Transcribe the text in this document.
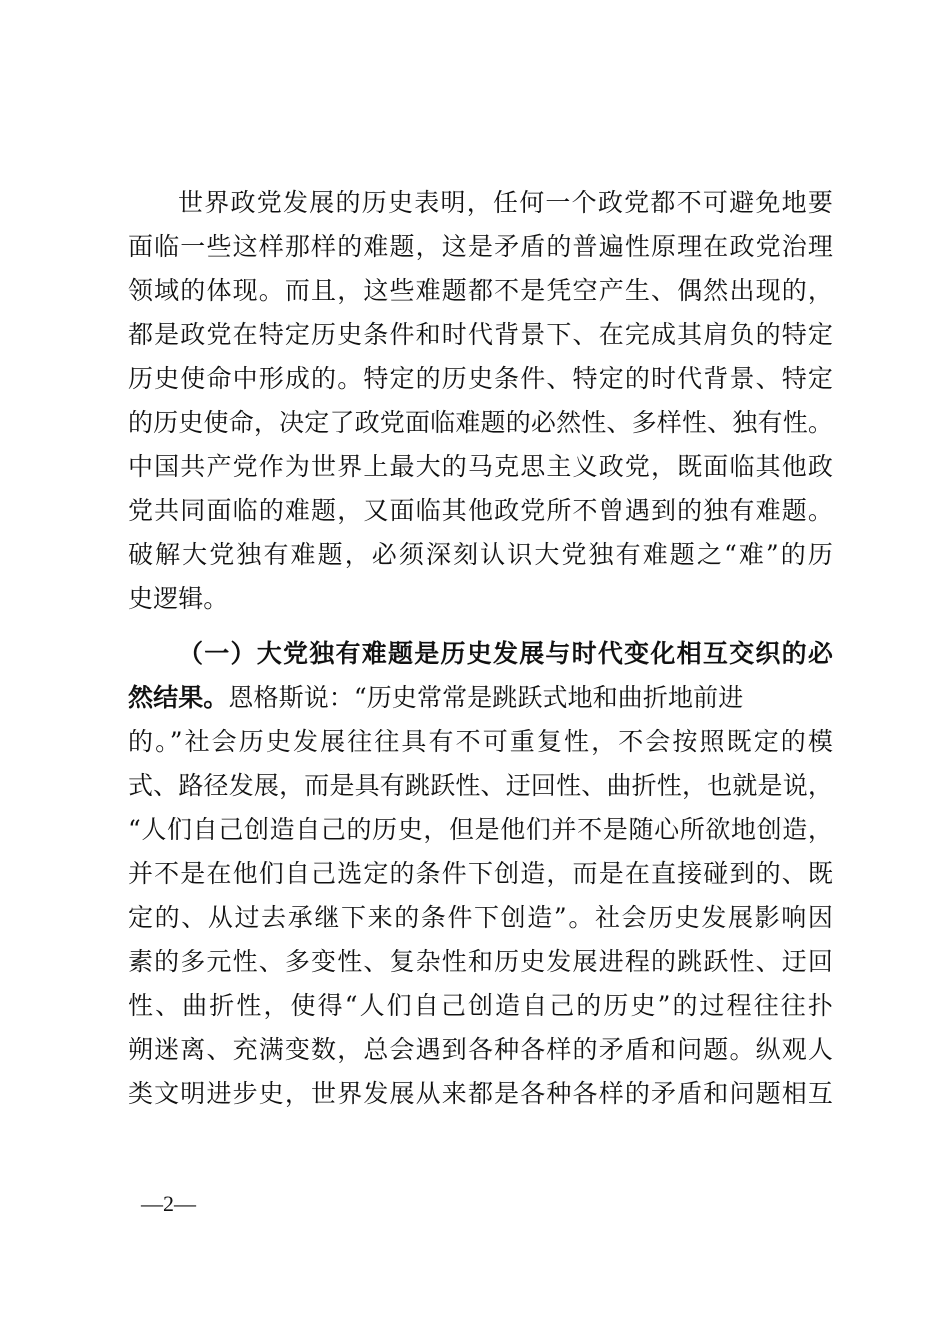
世界政党发展的历史表明，任何一个政党都不可避免地要
面临一些这样那样的难题，这是矛盾的普遍性原理在政党治理
领域的体现。而且，这些难题都不是凭空产生、偶然出现的，
都是政党在特定历史条件和时代背景下、在完成其肩负的特定
历史使命中形成的。特定的历史条件、特定的时代背景、特定
的历史使命，决定了政党面临难题的必然性、多样性、独有性。
中国共产党作为世界上最大的马克思主义政党，既面临其他政
党共同面临的难题，又面临其他政党所不曾遇到的独有难题。
破解大党独有难题，必须深刻认识大党独有难题之“难”的历
史逻辑。
（一）大党独有难题是历史发展与时代变化相互交织的必
然结果。恩格斯说：“历史常常是跳跃式地和曲折地前进
的。”社会历史发展往往具有不可重复性，不会按照既定的模
式、路径发展，而是具有跳跃性、迂回性、曲折性，也就是说，
“人们自己创造自己的历史，但是他们并不是随心所欲地创造，
并不是在他们自己选定的条件下创造，而是在直接碰到的、既
定的、从过去承继下来的条件下创造”。社会历史发展影响因
素的多元性、多变性、复杂性和历史发展进程的跳跃性、迂回
性、曲折性，使得“人们自己创造自己的历史”的过程往往扑
朔迷离、充满变数，总会遇到各种各样的矛盾和问题。纵观人
类文明进步史，世界发展从来都是各种各样的矛盾和问题相互
—2—
